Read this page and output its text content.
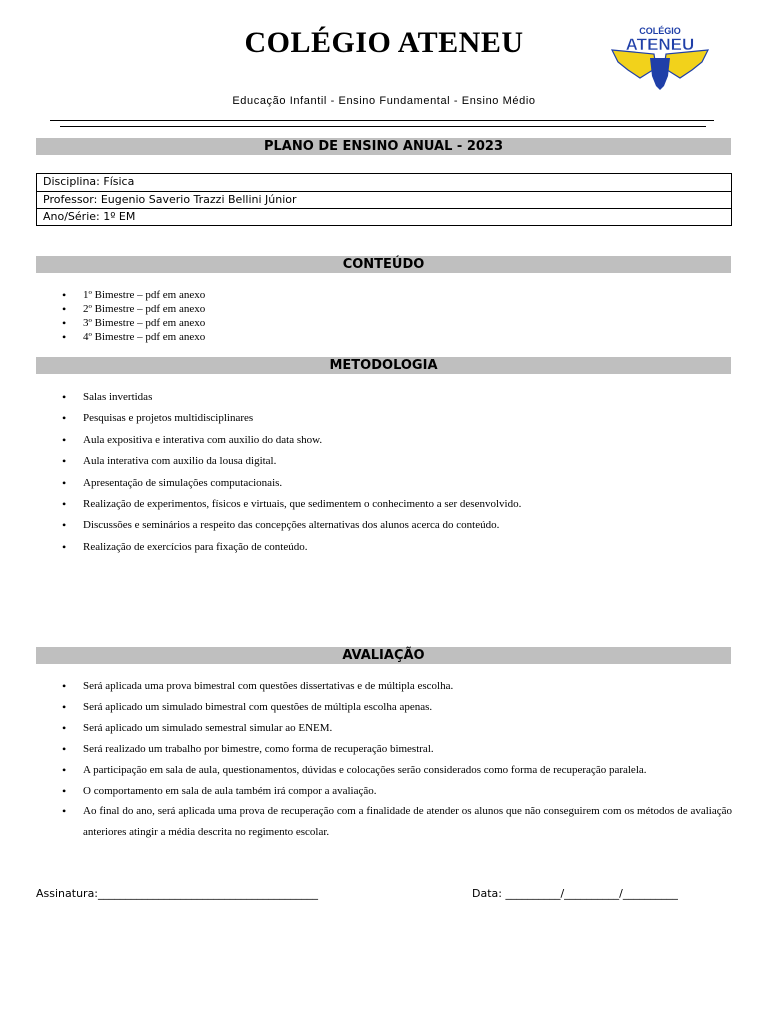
COLÉGIO ATENEU	COLÉGIO
ATENEU
Educação Infantil - Ensino Fundamental - Ensino Médio
PLANO DE ENSINO ANUAL - 2023
Disciplina: Física
Professor: Eugenio Saverio Trazzi Bellini Júnior
Ano/Série: 1º EM
CONTEÚDO
• 1º Bimestre – pdf em anexo
• 2º Bimestre – pdf em anexo
• 3º Bimestre – pdf em anexo
• 4º Bimestre – pdf em anexo
METODOLOGIA
• Salas invertidas
• Pesquisas e projetos multidisciplinares
• Aula expositiva e interativa com auxilio do data show.
• Aula interativa com auxilio da lousa digital.
• Apresentação de simulações computacionais.
• Realização de experimentos, físicos e virtuais, que sedimentem o conhecimento a ser desenvolvido.
• Discussões e seminários a respeito das concepções alternativas dos alunos acerca do conteúdo.
• Realização de exercícios para fixação de conteúdo.
AVALIAÇÃO
• Será aplicada uma prova bimestral com questões dissertativas e de múltipla escolha.
• Será aplicado um simulado bimestral com questões de múltipla escolha apenas.
• Será aplicado um simulado semestral simular ao ENEM.
• Será realizado um trabalho por bimestre, como forma de recuperação bimestral.
• A participação em sala de aula, questionamentos, dúvidas e colocações serão considerados como forma de recuperação paralela.
• O comportamento em sala de aula também irá compor a avaliação.
• Ao final do ano, será aplicada uma prova de recuperação com a finalidade de atender os alunos que não conseguirem com os métodos de avaliação anteriores atingir a média descrita no regimento escolar.
Assinatura:________________________________________	Data: __________/__________/__________
